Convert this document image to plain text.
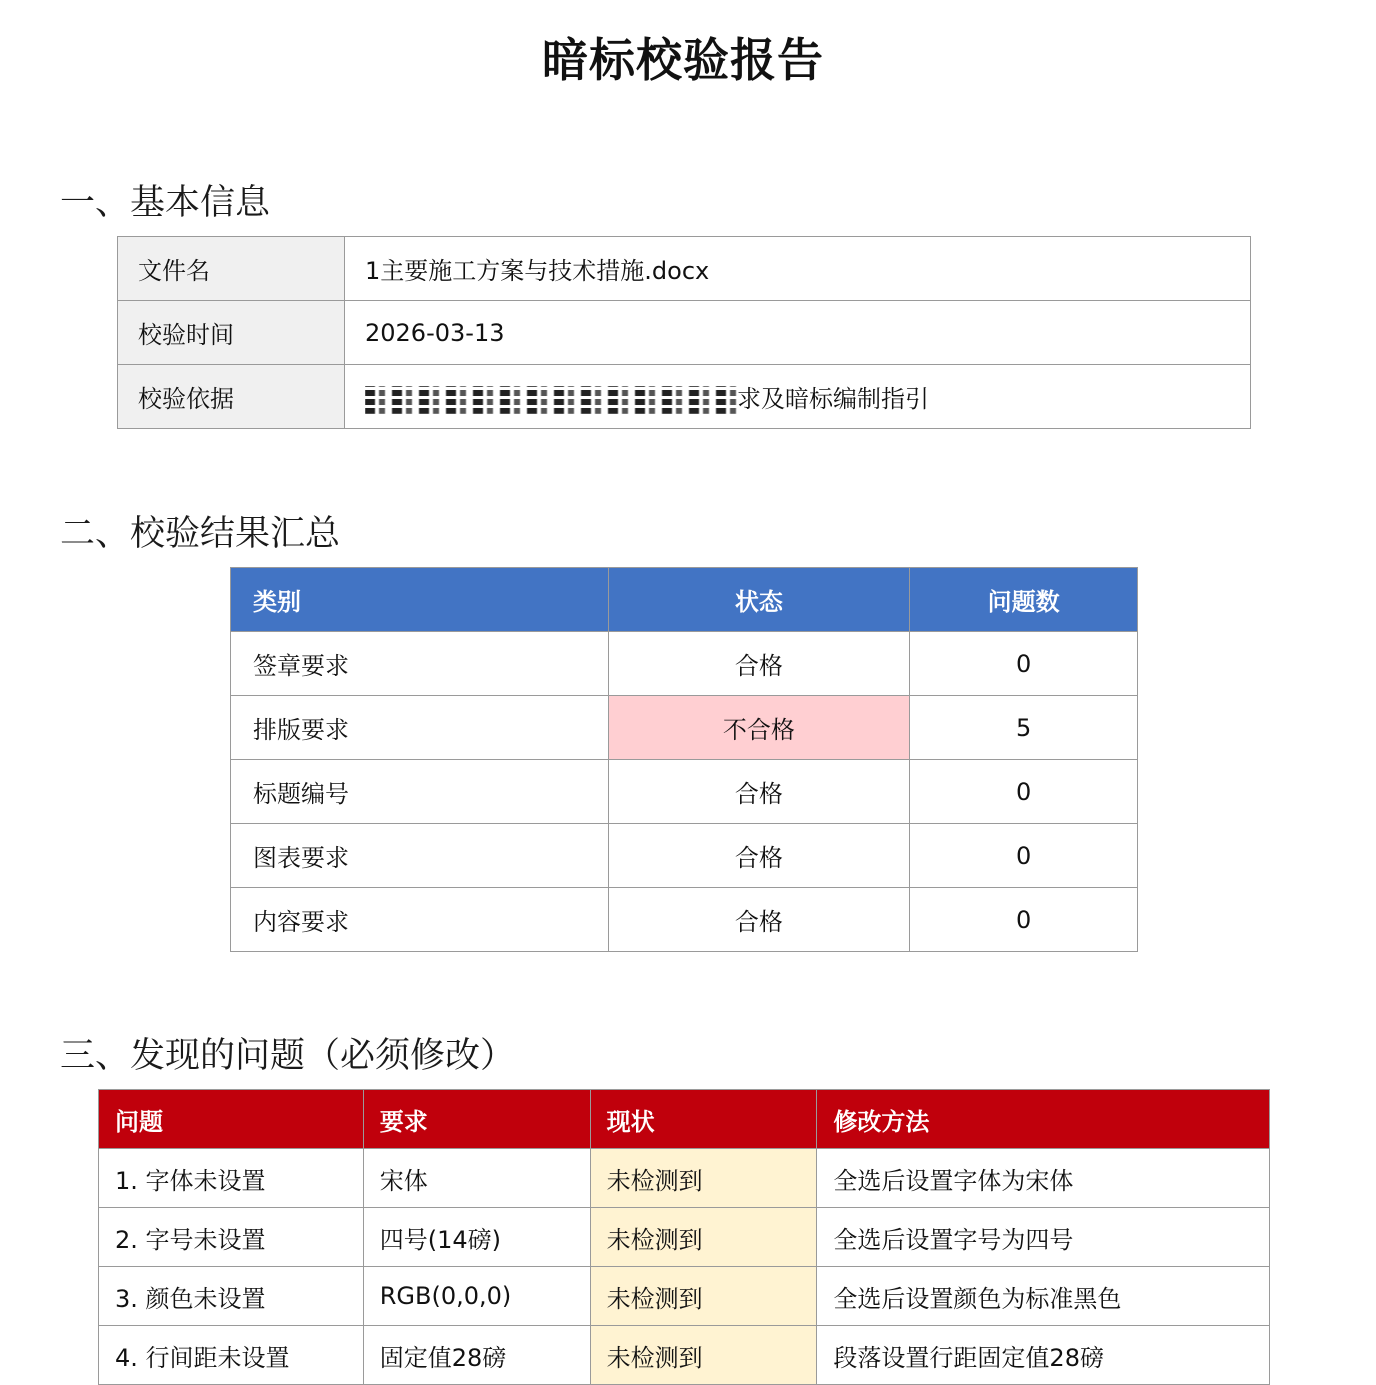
暗标校验报告
一、基本信息
文件名	1主要施工方案与技术措施.docx
校验时间	2026-03-13
校验依据	求及暗标编制指引
二、校验结果汇总
类别	状态	问题数
签章要求	合格	0
排版要求	不合格	5
标题编号	合格	0
图表要求	合格	0
内容要求	合格	0
三、发现的问题（必须修改）
问题	要求	现状	修改方法
1. 字体未设置	宋体	未检测到	全选后设置字体为宋体
2. 字号未设置	四号(14磅)	未检测到	全选后设置字号为四号
3. 颜色未设置	RGB(0,0,0)	未检测到	全选后设置颜色为标准黑色
4. 行间距未设置	固定值28磅	未检测到	段落设置行距固定值28磅
